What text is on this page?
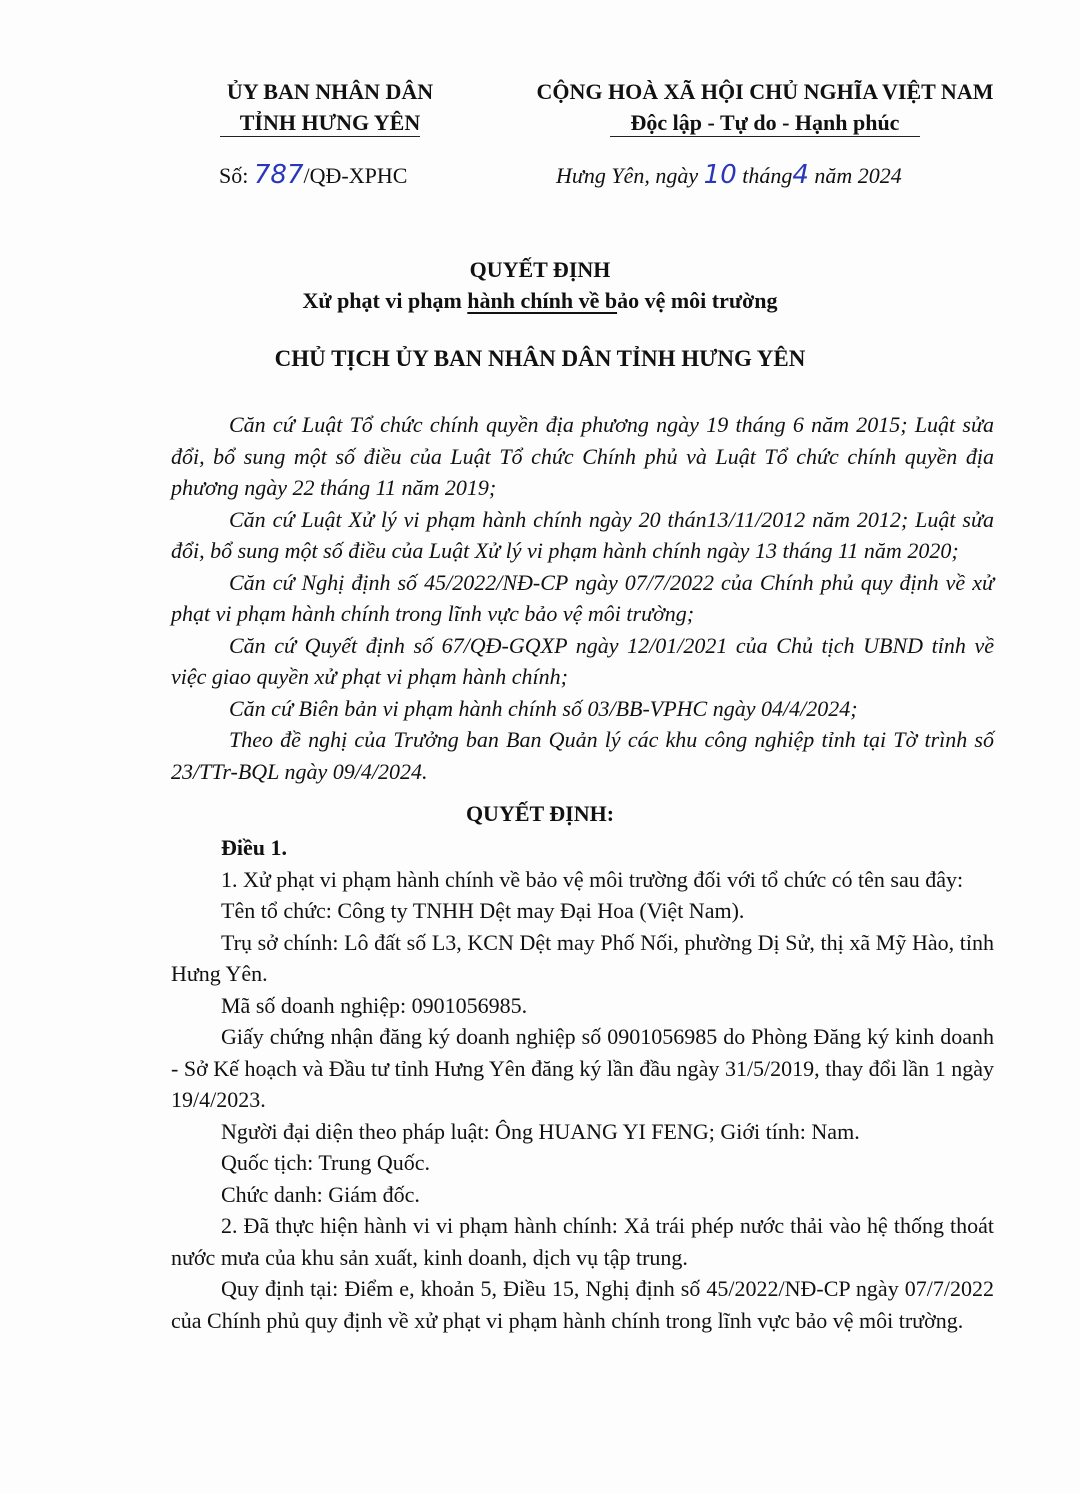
ỦY BAN NHÂN DÂN
TỈNH HƯNG YÊN
CỘNG HOÀ XÃ HỘI CHỦ NGHĨA VIỆT NAM
Độc lập - Tự do - Hạnh phúc
Số: 787/QĐ-XPHC	Hưng Yên, ngày 10 tháng4 năm 2024
QUYẾT ĐỊNH
Xử phạt vi phạm hành chính về bảo vệ môi trường
CHỦ TỊCH ỦY BAN NHÂN DÂN TỈNH HƯNG YÊN

Căn cứ Luật Tổ chức chính quyền địa phương ngày 19 tháng 6 năm 2015; Luật sửa đổi, bổ sung một số điều của Luật Tổ chức Chính phủ và Luật Tổ chức chính quyền địa phương ngày 22 tháng 11 năm 2019;

Căn cứ Luật Xử lý vi phạm hành chính ngày 20 thán13/11/2012 năm 2012; Luật sửa đổi, bổ sung một số điều của Luật Xử lý vi phạm hành chính ngày 13 tháng 11 năm 2020;

Căn cứ Nghị định số 45/2022/NĐ-CP ngày 07/7/2022 của Chính phủ quy định về xử phạt vi phạm hành chính trong lĩnh vực bảo vệ môi trường;

Căn cứ Quyết định số 67/QĐ-GQXP ngày 12/01/2021 của Chủ tịch UBND tỉnh về việc giao quyền xử phạt vi phạm hành chính;

Căn cứ Biên bản vi phạm hành chính số 03/BB-VPHC ngày 04/4/2024;

Theo đề nghị của Trưởng ban Ban Quản lý các khu công nghiệp tỉnh tại Tờ trình số 23/TTr-BQL ngày 09/4/2024.

QUYẾT ĐỊNH:

Điều 1.

1. Xử phạt vi phạm hành chính về bảo vệ môi trường đối với tổ chức có tên sau đây:

Tên tổ chức: Công ty TNHH Dệt may Đại Hoa (Việt Nam).

Trụ sở chính: Lô đất số L3, KCN Dệt may Phố Nối, phường Dị Sử, thị xã Mỹ Hào, tỉnh Hưng Yên.

Mã số doanh nghiệp: 0901056985.

Giấy chứng nhận đăng ký doanh nghiệp số 0901056985 do Phòng Đăng ký kinh doanh - Sở Kế hoạch và Đầu tư tỉnh Hưng Yên đăng ký lần đầu ngày 31/5/2019, thay đổi lần 1 ngày 19/4/2023.

Người đại diện theo pháp luật: Ông HUANG YI FENG; Giới tính: Nam.

Quốc tịch: Trung Quốc.

Chức danh: Giám đốc.

2. Đã thực hiện hành vi vi phạm hành chính: Xả trái phép nước thải vào hệ thống thoát nước mưa của khu sản xuất, kinh doanh, dịch vụ tập trung.

Quy định tại: Điểm e, khoản 5, Điều 15, Nghị định số 45/2022/NĐ-CP ngày 07/7/2022 của Chính phủ quy định về xử phạt vi phạm hành chính trong lĩnh vực bảo vệ môi trường.
